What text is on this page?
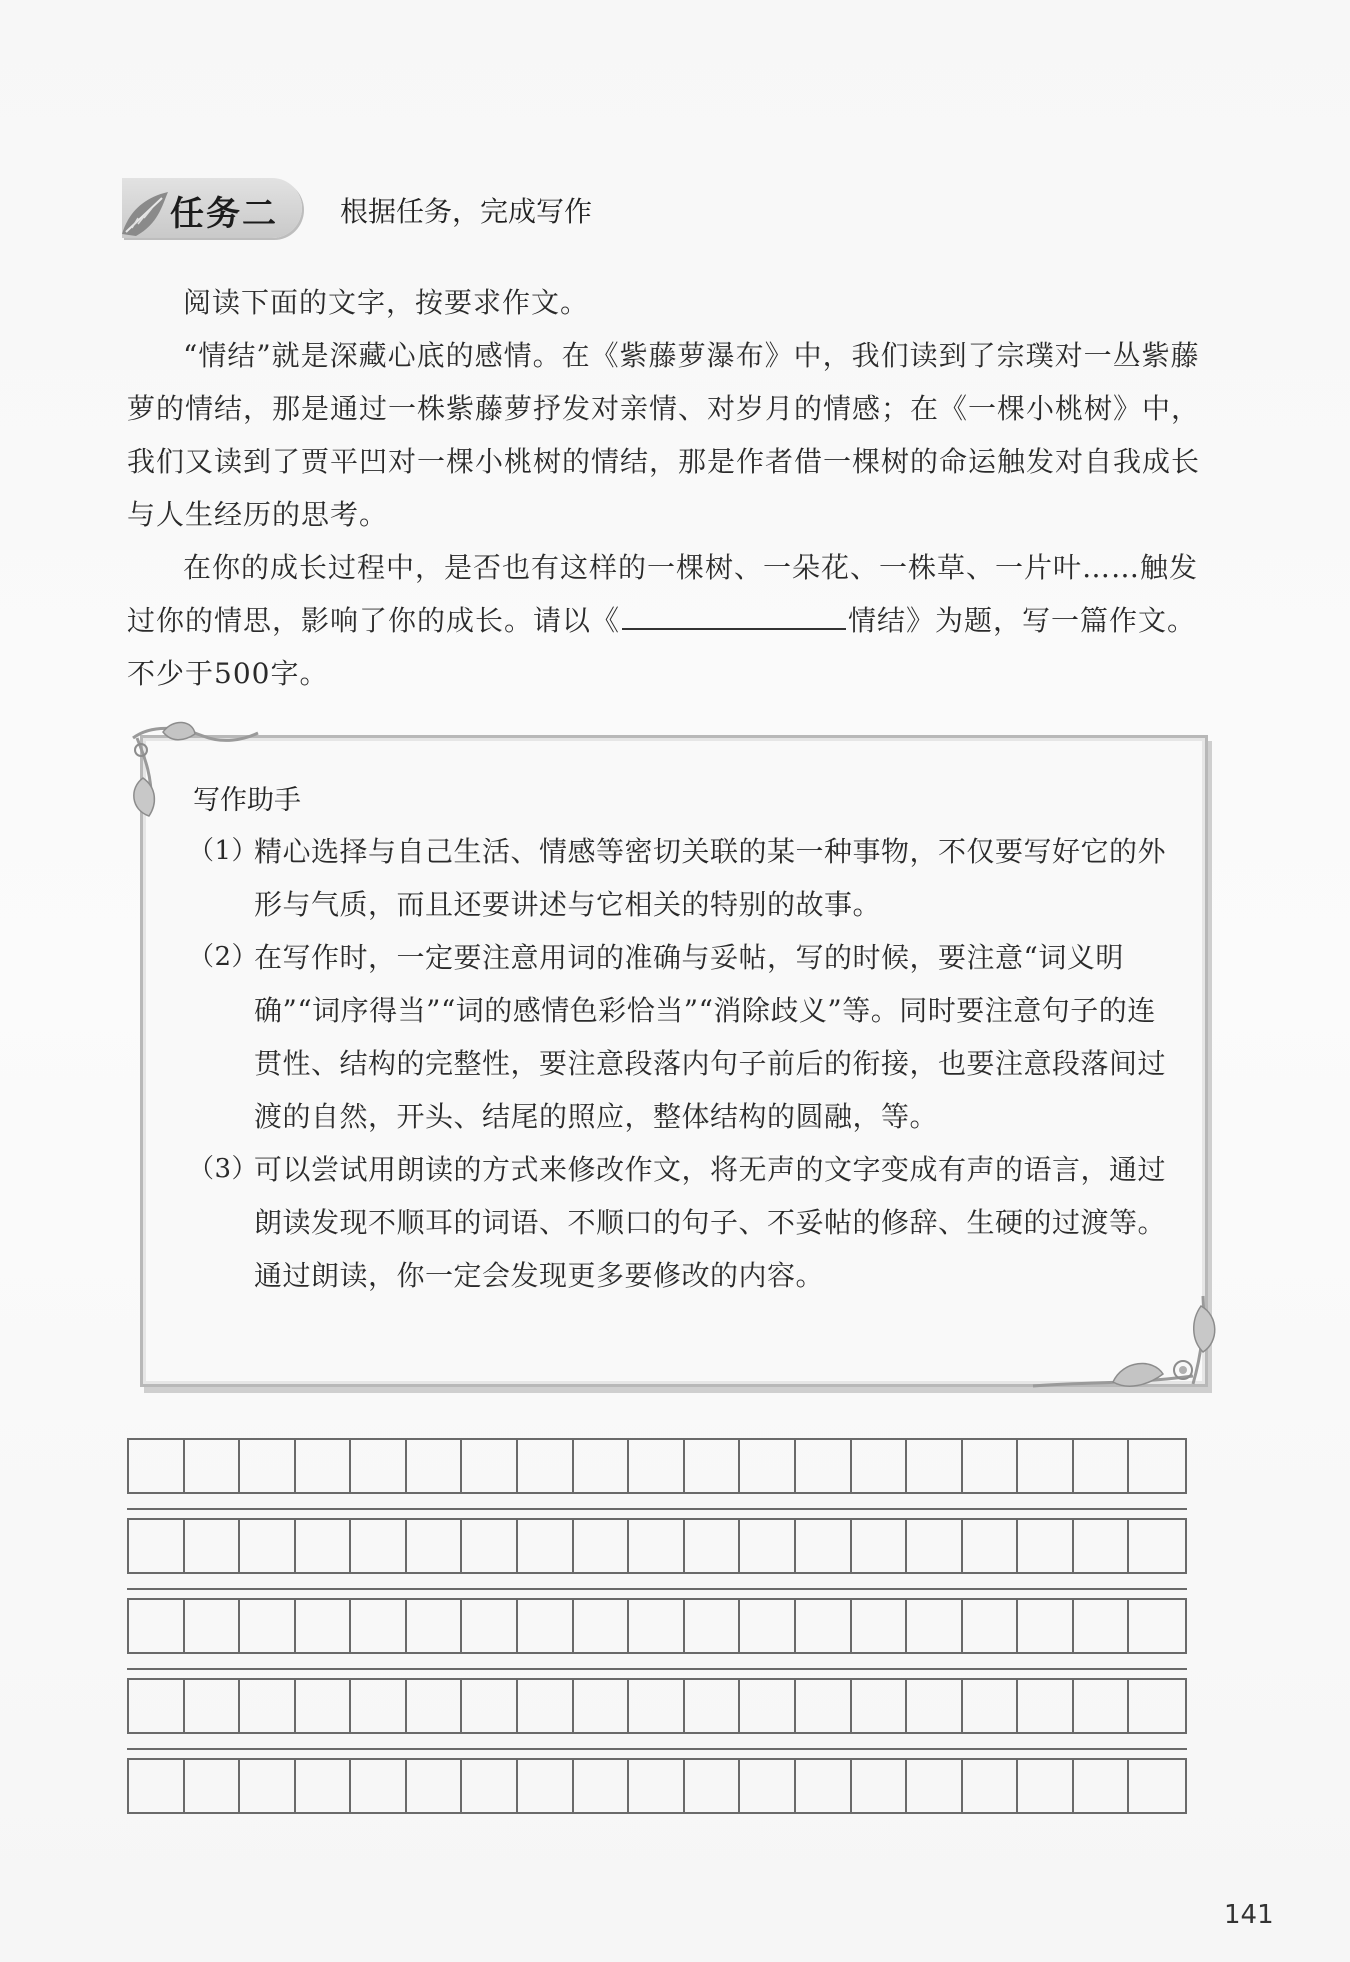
任务二 根据任务，完成写作

阅读下面的文字，按要求作文。

“情结”就是深藏心底的感情。在《紫藤萝瀑布》中，我们读到了宗璞对一丛紫藤萝的情结，那是通过一株紫藤萝抒发对亲情、对岁月的情感；在《一棵小桃树》中，我们又读到了贾平凹对一棵小桃树的情结，那是作者借一棵树的命运触发对自我成长与人生经历的思考。

在你的成长过程中，是否也有这样的一棵树、一朵花、一株草、一片叶……触发过你的情思，影响了你的成长。请以《	情结》为题，写一篇作文。不少于500字。

写作助手
（1）
精心选择与自己生活、情感等密切关联的某一种事物，不仅要写好它的外形与气质，而且还要讲述与它相关的特别的故事。
（2）
在写作时，一定要注意用词的准确与妥帖，写的时候，要注意“词义明确”“词序得当”“词的感情色彩恰当”“消除歧义”等。同时要注意句子的连贯性、结构的完整性，要注意段落内句子前后的衔接，也要注意段落间过渡的自然，开头、结尾的照应，整体结构的圆融，等。
（3）
可以尝试用朗读的方式来修改作文，将无声的文字变成有声的语言，通过朗读发现不顺耳的词语、不顺口的句子、不妥帖的修辞、生硬的过渡等。通过朗读，你一定会发现更多要修改的内容。
141
